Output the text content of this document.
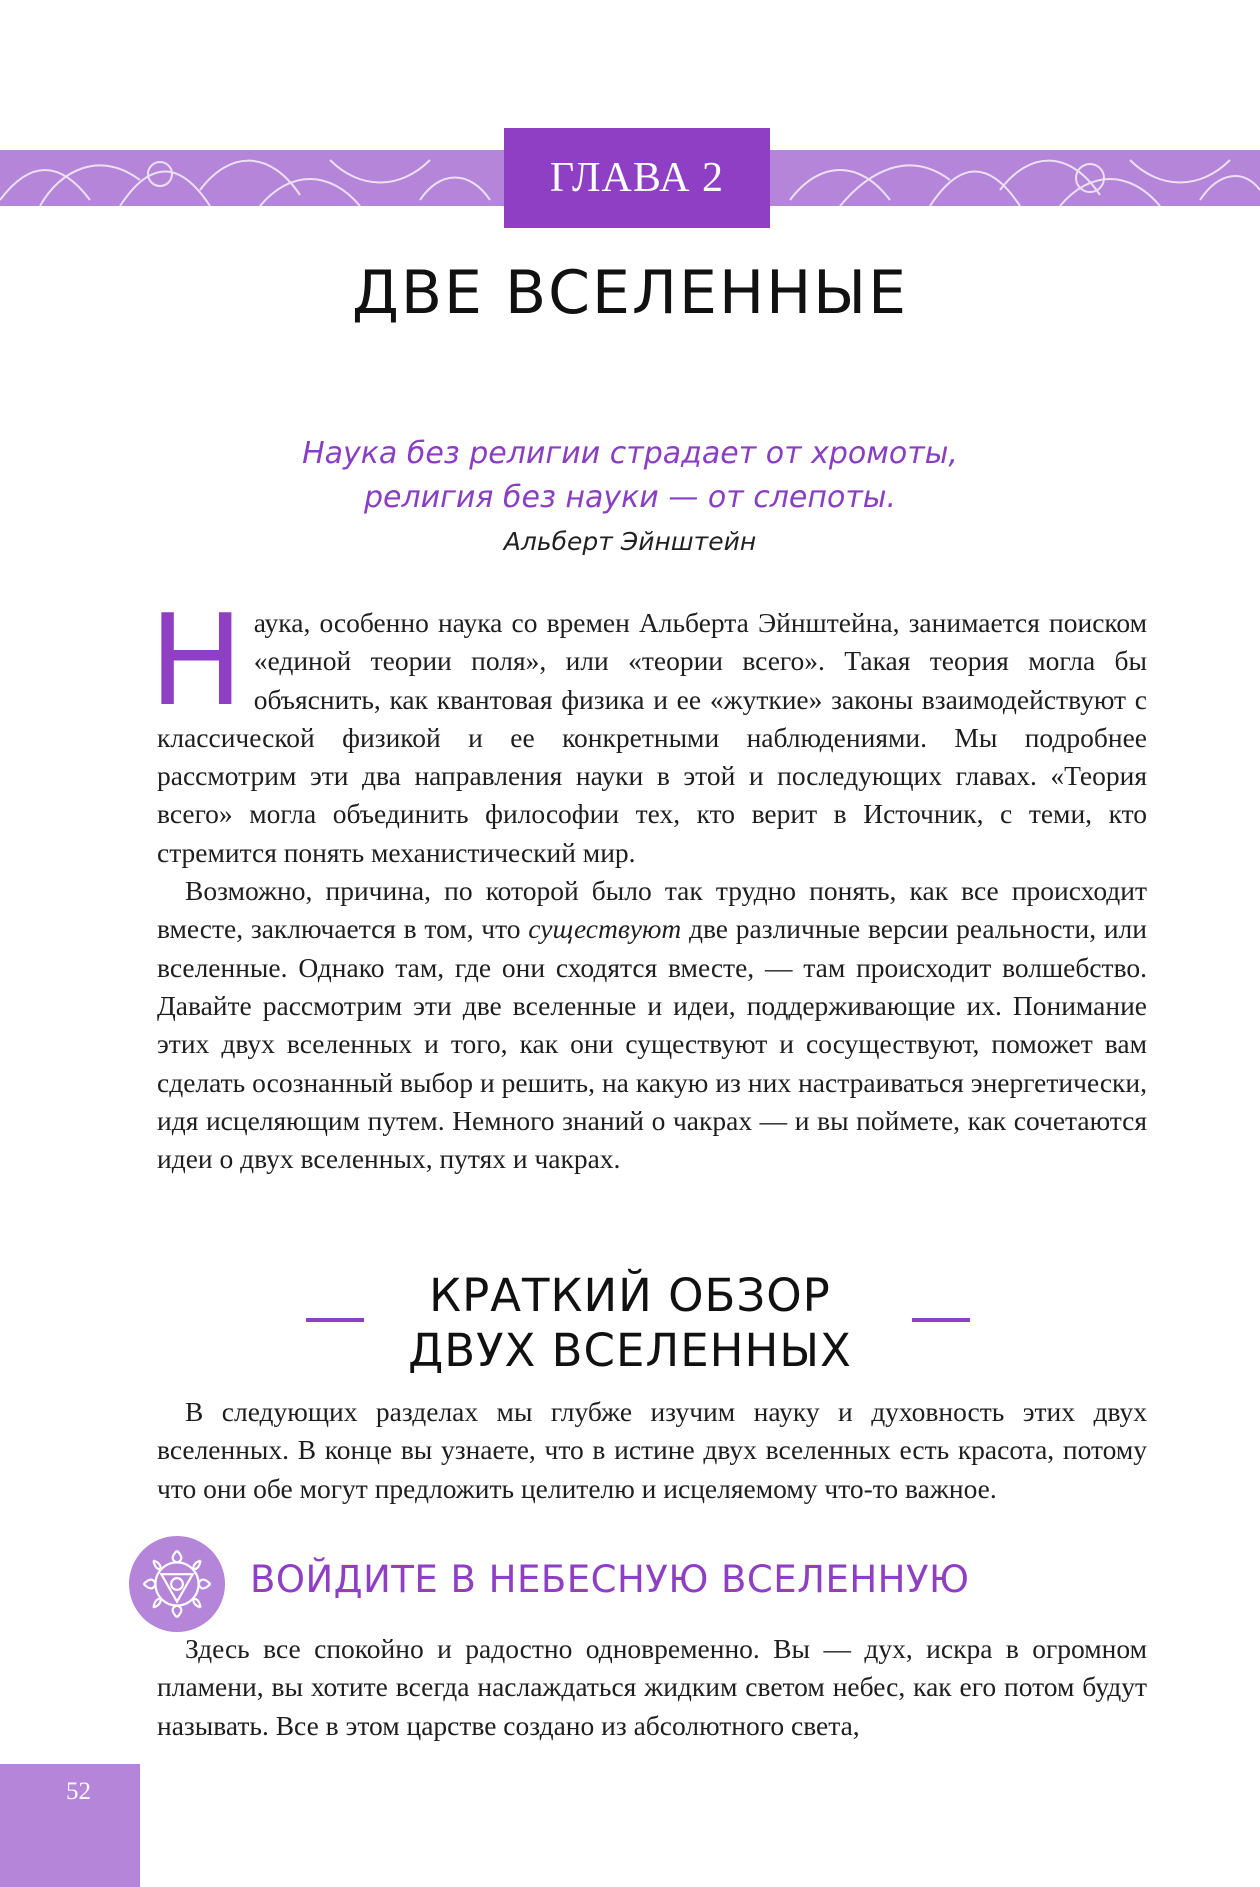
ГЛАВА 2
ДВЕ ВСЕЛЕННЫЕ
Наука без религии страдает от хромоты,
религия без науки — от слепоты.
Альберт Эйнштейн

Наука, особенно наука со времен Альберта Эйнштейна, занимается поиском «единой теории поля», или «теории всего». Такая теория могла бы объяснить, как квантовая физика и ее «жуткие» законы взаимодействуют с классической физикой и ее конкретными наблюдениями. Мы подробнее рассмотрим эти два направления науки в этой и последующих главах. «Теория всего» могла объединить философии тех, кто верит в Источник, с теми, кто стремится понять механистический мир.

Возможно, причина, по которой было так трудно понять, как все происходит вместе, заключается в том, что существуют две различные версии реальности, или вселенные. Однако там, где они сходятся вместе, — там происходит волшебство. Давайте рассмотрим эти две вселенные и идеи, поддерживающие их. Понимание этих двух вселенных и того, как они существуют и сосуществуют, поможет вам сделать осознанный выбор и решить, на какую из них настраиваться энергетически, идя исцеляющим путем. Немного знаний о чакрах — и вы поймете, как сочетаются идеи о двух вселенных, путях и чакрах.

КРАТКИЙ ОБЗОР
ДВУХ ВСЕЛЕННЫХ

В следующих разделах мы глубже изучим науку и духовность этих двух вселенных. В конце вы узнаете, что в истине двух вселенных есть красота, потому что они обе могут предложить целителю и исцеляемому что-то важное.

ВОЙДИТЕ В НЕБЕСНУЮ ВСЕЛЕННУЮ

Здесь все спокойно и радостно одновременно. Вы — дух, искра в огромном пламени, вы хотите всегда наслаждаться жидким светом небес, как его потом будут называть. Все в этом царстве создано из абсолютного света,

52
